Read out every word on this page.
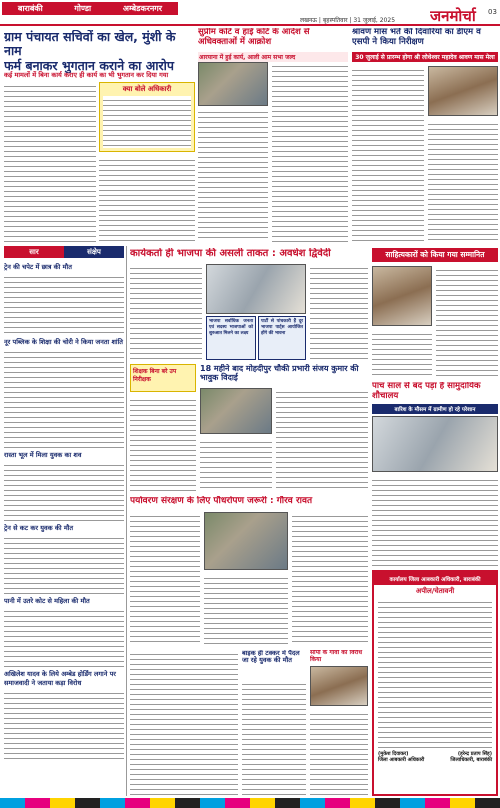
बाराबंकी	गोण्डा	अम्बेडकरनगर
लखनऊ | बृहस्पतिवार | 31 जुलाई, 2025	जनमोर्चा	03
ग्राम पंचायत सचिवों का खेल, मुंशी के नाम
फर्म बनाकर भुगतान कराने का आरोप
कई मामलों में बिना कार्य कराए ही कार्य का भी भुगतान कर दिया गया
क्या बोले अधिकारी
सुप्रीम कोर्ट व हाई कोर्ट के आदेश से अधिवक्ताओं में आक्रोश
आरयाना में हुई कार्य, आली आम सभा जल्द
श्रावण मास भंते की दिवारियों का डीएम व एसपी ने किया निरीक्षण
30 जुलाई से प्रारम्भ होगा श्री लोधेश्वर महादेव श्रावण मास मेला
सार	संक्षेप
ट्रेन की चपेट में छात्र की मौत
नूर पब्लिक के शिक्षा की चोरी ने किया जनता शांति
रास्ता भूल में मिला युवक का शव
ट्रेन से कट कर युवक की मौत
पानी में उतरे कोट से महिला की मौत
अखिलेश यादव के लिये अम्बेड होर्डिंग लगाने पर समाजवादी ने जताया कड़ा विरोध
कार्यकर्ता ही भाजपा की असली ताकत : अवधेश द्विवेदी
भाजपा सर्वाधिक जनता एवं सदस्य भाजपाओं को शुरुआत मिलने का लक्ष्य
पार्टी से पांचकारी हैं दूर भाजपा पार्ट्स आयोजित होंगे की भावना
साहित्यकारों को किया गया सम्मानित
शिक्षक बिना बरे उप निरीक्षक
18 महीने बाद मोहदीपुर चौकी प्रभारी संजय कुमार की भावुक विदाई
पांच साल से बंद पड़ा है सामुदायिक शौचालय
बारिश के मौसम में ग्रामीण हो रहे परेशान
पर्यावरण संरक्षण के लिए पौधरोपण जरूरी : गौरव रावत
बाइक ही टक्कर में पैदल जा रहे युवक की मौत
सौंपी के गांवों का विरोध किया
कार्यालय जिला आबकारी अधिकारी, बाराबंकी
अपील/चेतावनी
(मुकेश दिवाकर)
जिला आबकारी अधिकारी
(हरेन्द्र प्रताप सिंह)
जिलाधिकारी, बाराबंकी
